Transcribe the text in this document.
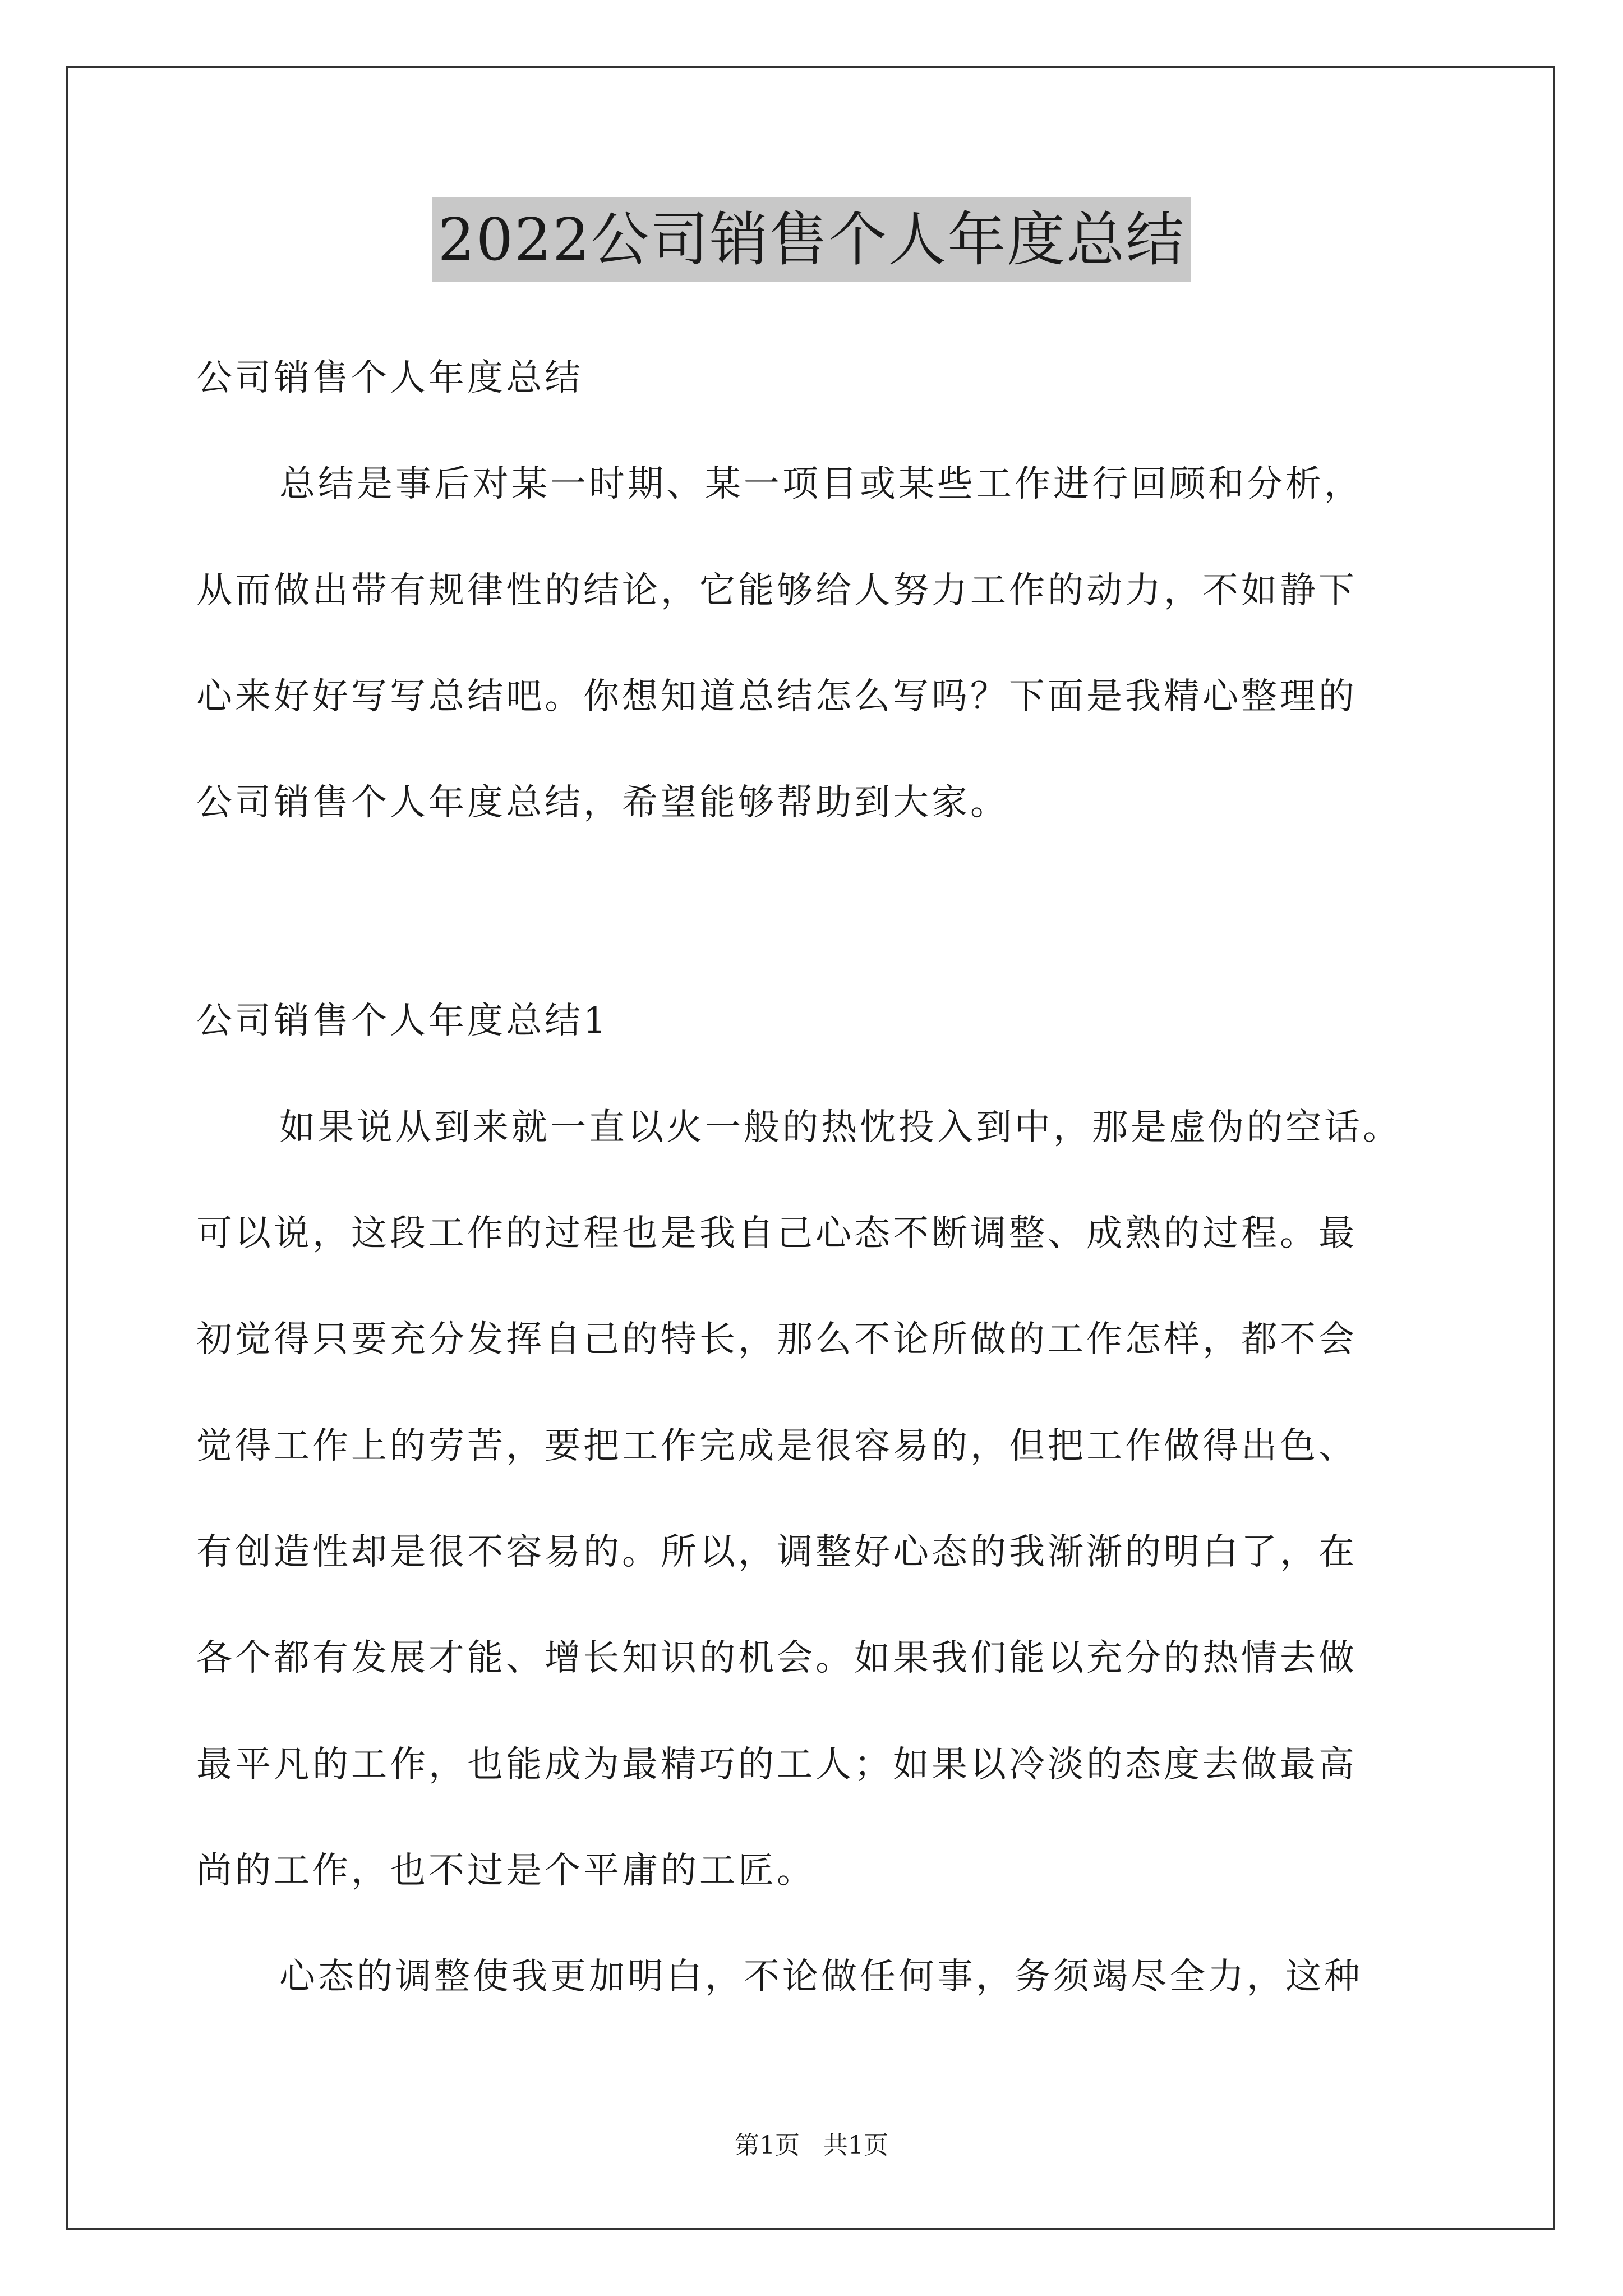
2022公司销售个人年度总结
公司销售个人年度总结
总结是事后对某一时期、某一项目或某些工作进行回顾和分析，
从而做出带有规律性的结论，它能够给人努力工作的动力，不如静下
心来好好写写总结吧。你想知道总结怎么写吗？下面是我精心整理的
公司销售个人年度总结，希望能够帮助到大家。
公司销售个人年度总结1
如果说从到来就一直以火一般的热忱投入到中，那是虚伪的空话。
可以说，这段工作的过程也是我自己心态不断调整、成熟的过程。最
初觉得只要充分发挥自己的特长，那么不论所做的工作怎样，都不会
觉得工作上的劳苦，要把工作完成是很容易的，但把工作做得出色、
有创造性却是很不容易的。所以，调整好心态的我渐渐的明白了，在
各个都有发展才能、增长知识的机会。如果我们能以充分的热情去做
最平凡的工作，也能成为最精巧的工人；如果以冷淡的态度去做最高
尚的工作，也不过是个平庸的工匠。
心态的调整使我更加明白，不论做任何事，务须竭尽全力，这种
第1页   共1页
